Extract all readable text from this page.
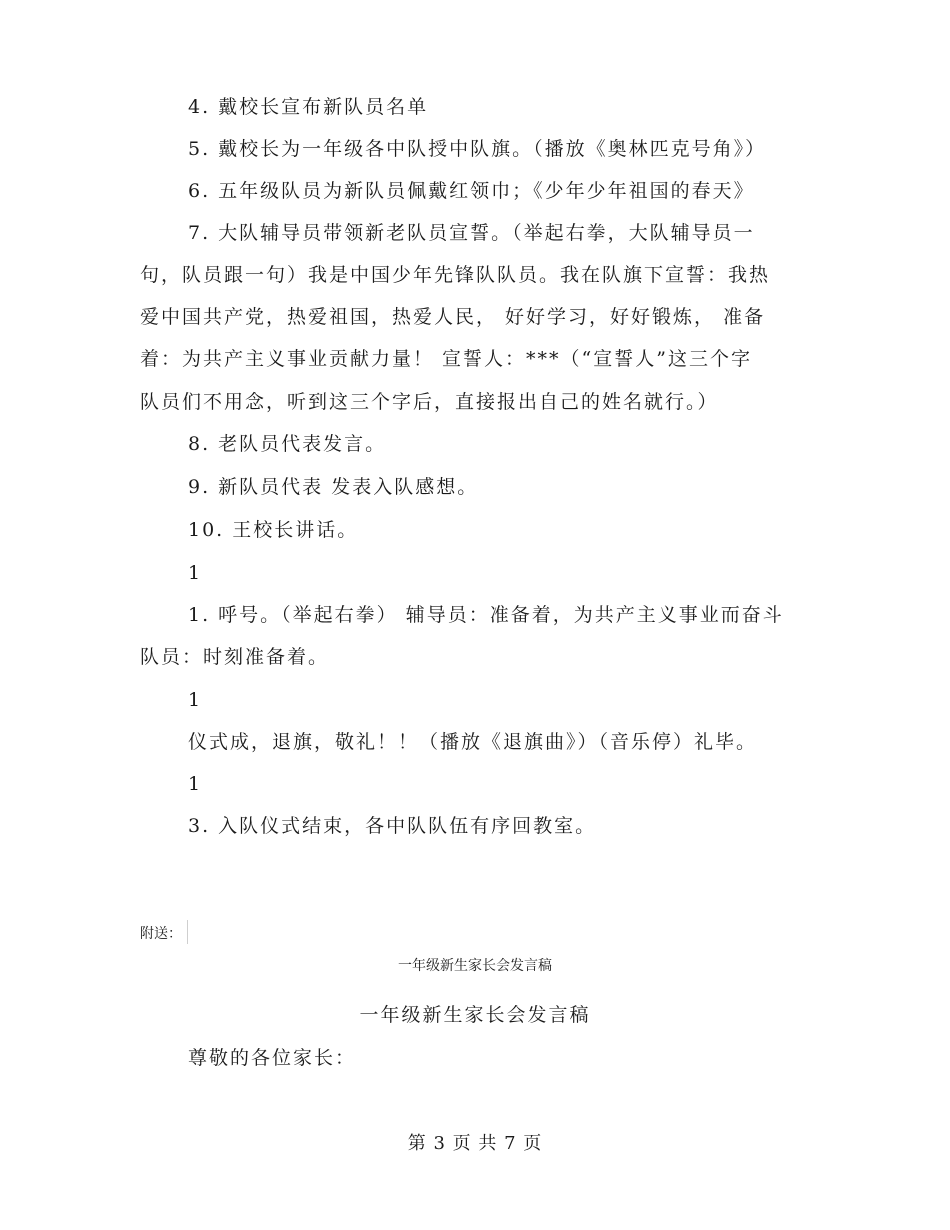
4. 戴校长宣布新队员名单
5. 戴校长为一年级各中队授中队旗。（播放《奥林匹克号角》）
6. 五年级队员为新队员佩戴红领巾；《少年少年祖国的春天》
7. 大队辅导员带领新老队员宣誓。（举起右拳，大队辅导员一
句，队员跟一句）我是中国少年先锋队队员。我在队旗下宣誓：我热
爱中国共产党，热爱祖国，热爱人民， 好好学习，好好锻炼， 准备
着：为共产主义事业贡献力量！ 宣誓人：***（“宣誓人”这三个字
队员们不用念，听到这三个字后，直接报出自己的姓名就行。）
8. 老队员代表发言。
9. 新队员代表 发表入队感想。
10. 王校长讲话。
1
1. 呼号。（举起右拳） 辅导员：准备着，为共产主义事业而奋斗
队员：时刻准备着。
1
仪式成，退旗，敬礼！！（播放《退旗曲》）（音乐停）礼毕。
1
3. 入队仪式结束，各中队队伍有序回教室。
附送：
一年级新生家长会发言稿
一年级新生家长会发言稿
尊敬的各位家长：
第 3 页 共 7 页
